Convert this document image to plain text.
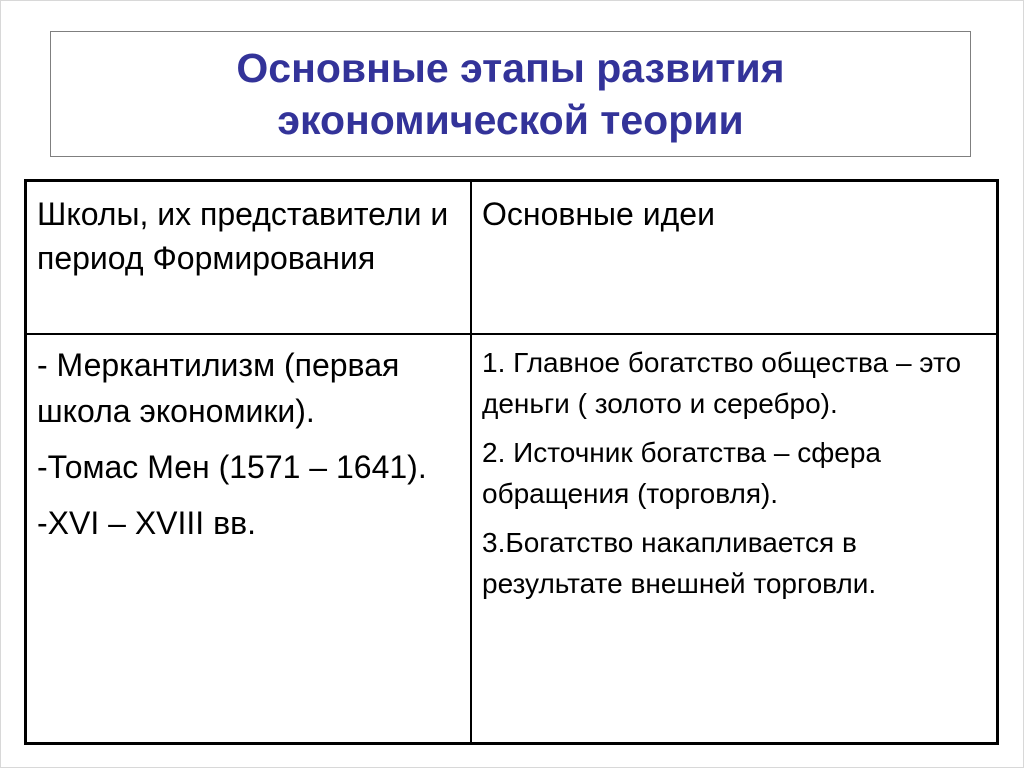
Основные этапы развития
экономической теории
Школы, их представители и период Формирования
Основные идеи

- Меркантилизм (первая школа экономики).

-Томас Мен (1571 – 1641).

-XVI – XVIII вв.

1. Главное богатство общества – это деньги ( золото и серебро).

2. Источник богатства – сфера обращения (торговля).

3.Богатство накапливается в результате внешней торговли.
